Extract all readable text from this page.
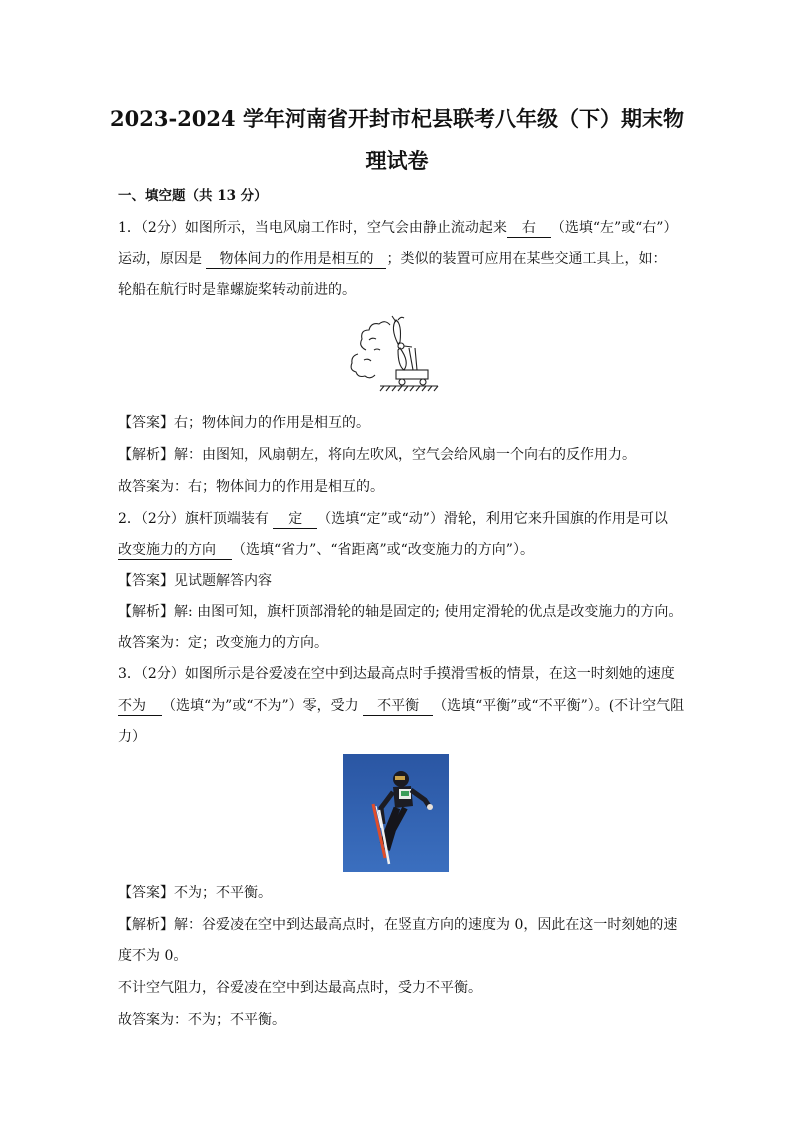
2023-2024 学年河南省开封市杞县联考八年级（下）期末物
理试卷
一、填空题（共 13 分）
1．（2分）如图所示，当电风扇工作时，空气会由静止流动起来 右 （选填“左”或“右”）
运动，原因是 物体间力的作用是相互的 ；类似的装置可应用在某些交通工具上，如：
轮船在航行时是靠螺旋桨转动前进的。
【答案】右；物体间力的作用是相互的。
【解析】解：由图知，风扇朝左，将向左吹风，空气会给风扇一个向右的反作用力。
故答案为：右；物体间力的作用是相互的。
2．（2分）旗杆顶端装有 定 （选填“定”或“动”）滑轮，利用它来升国旗的作用是可以
改变施力的方向 （选填“省力”、“省距离”或“改变施力的方向”）。
【答案】见试题解答内容
【解析】解: 由图可知，旗杆顶部滑轮的轴是固定的; 使用定滑轮的优点是改变施力的方向。
故答案为：定；改变施力的方向。
3．（2分）如图所示是谷爱凌在空中到达最高点时手摸滑雪板的情景，在这一时刻她的速度
不为 （选填“为”或“不为”）零，受力 不平衡 （选填“平衡”或“不平衡”）。(不计空气阻
力）
【答案】不为；不平衡。
【解析】解：谷爱凌在空中到达最高点时，在竖直方向的速度为 0，因此在这一时刻她的速
度不为 0。
不计空气阻力，谷爱凌在空中到达最高点时，受力不平衡。
故答案为：不为；不平衡。
